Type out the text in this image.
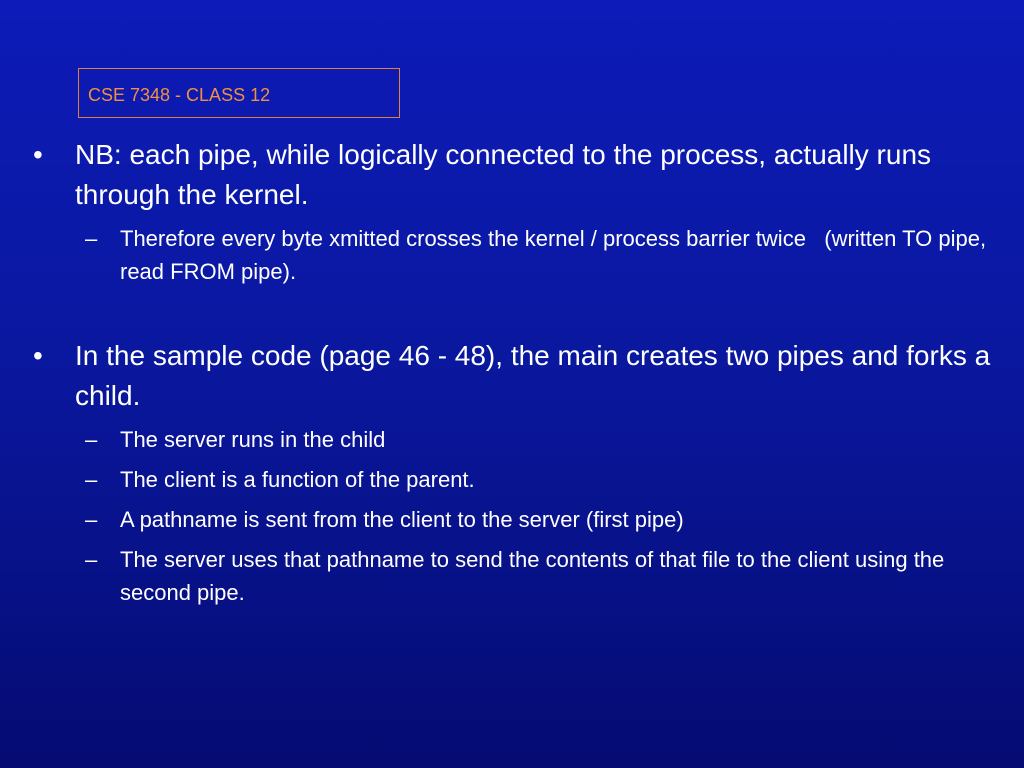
CSE 7348 - CLASS 12
• NB: each pipe, while logically connected to the process, actually runs through the kernel.
– Therefore every byte xmitted crosses the kernel / process barrier twice   (written TO pipe, read FROM pipe).
• In the sample code (page 46 - 48), the main creates two pipes and forks a child.
– The server runs in the child
– The client is a function of the parent.
– A pathname is sent from the client to the server (first pipe)
– The server uses that pathname to send the contents of that file to the client using the second pipe.
